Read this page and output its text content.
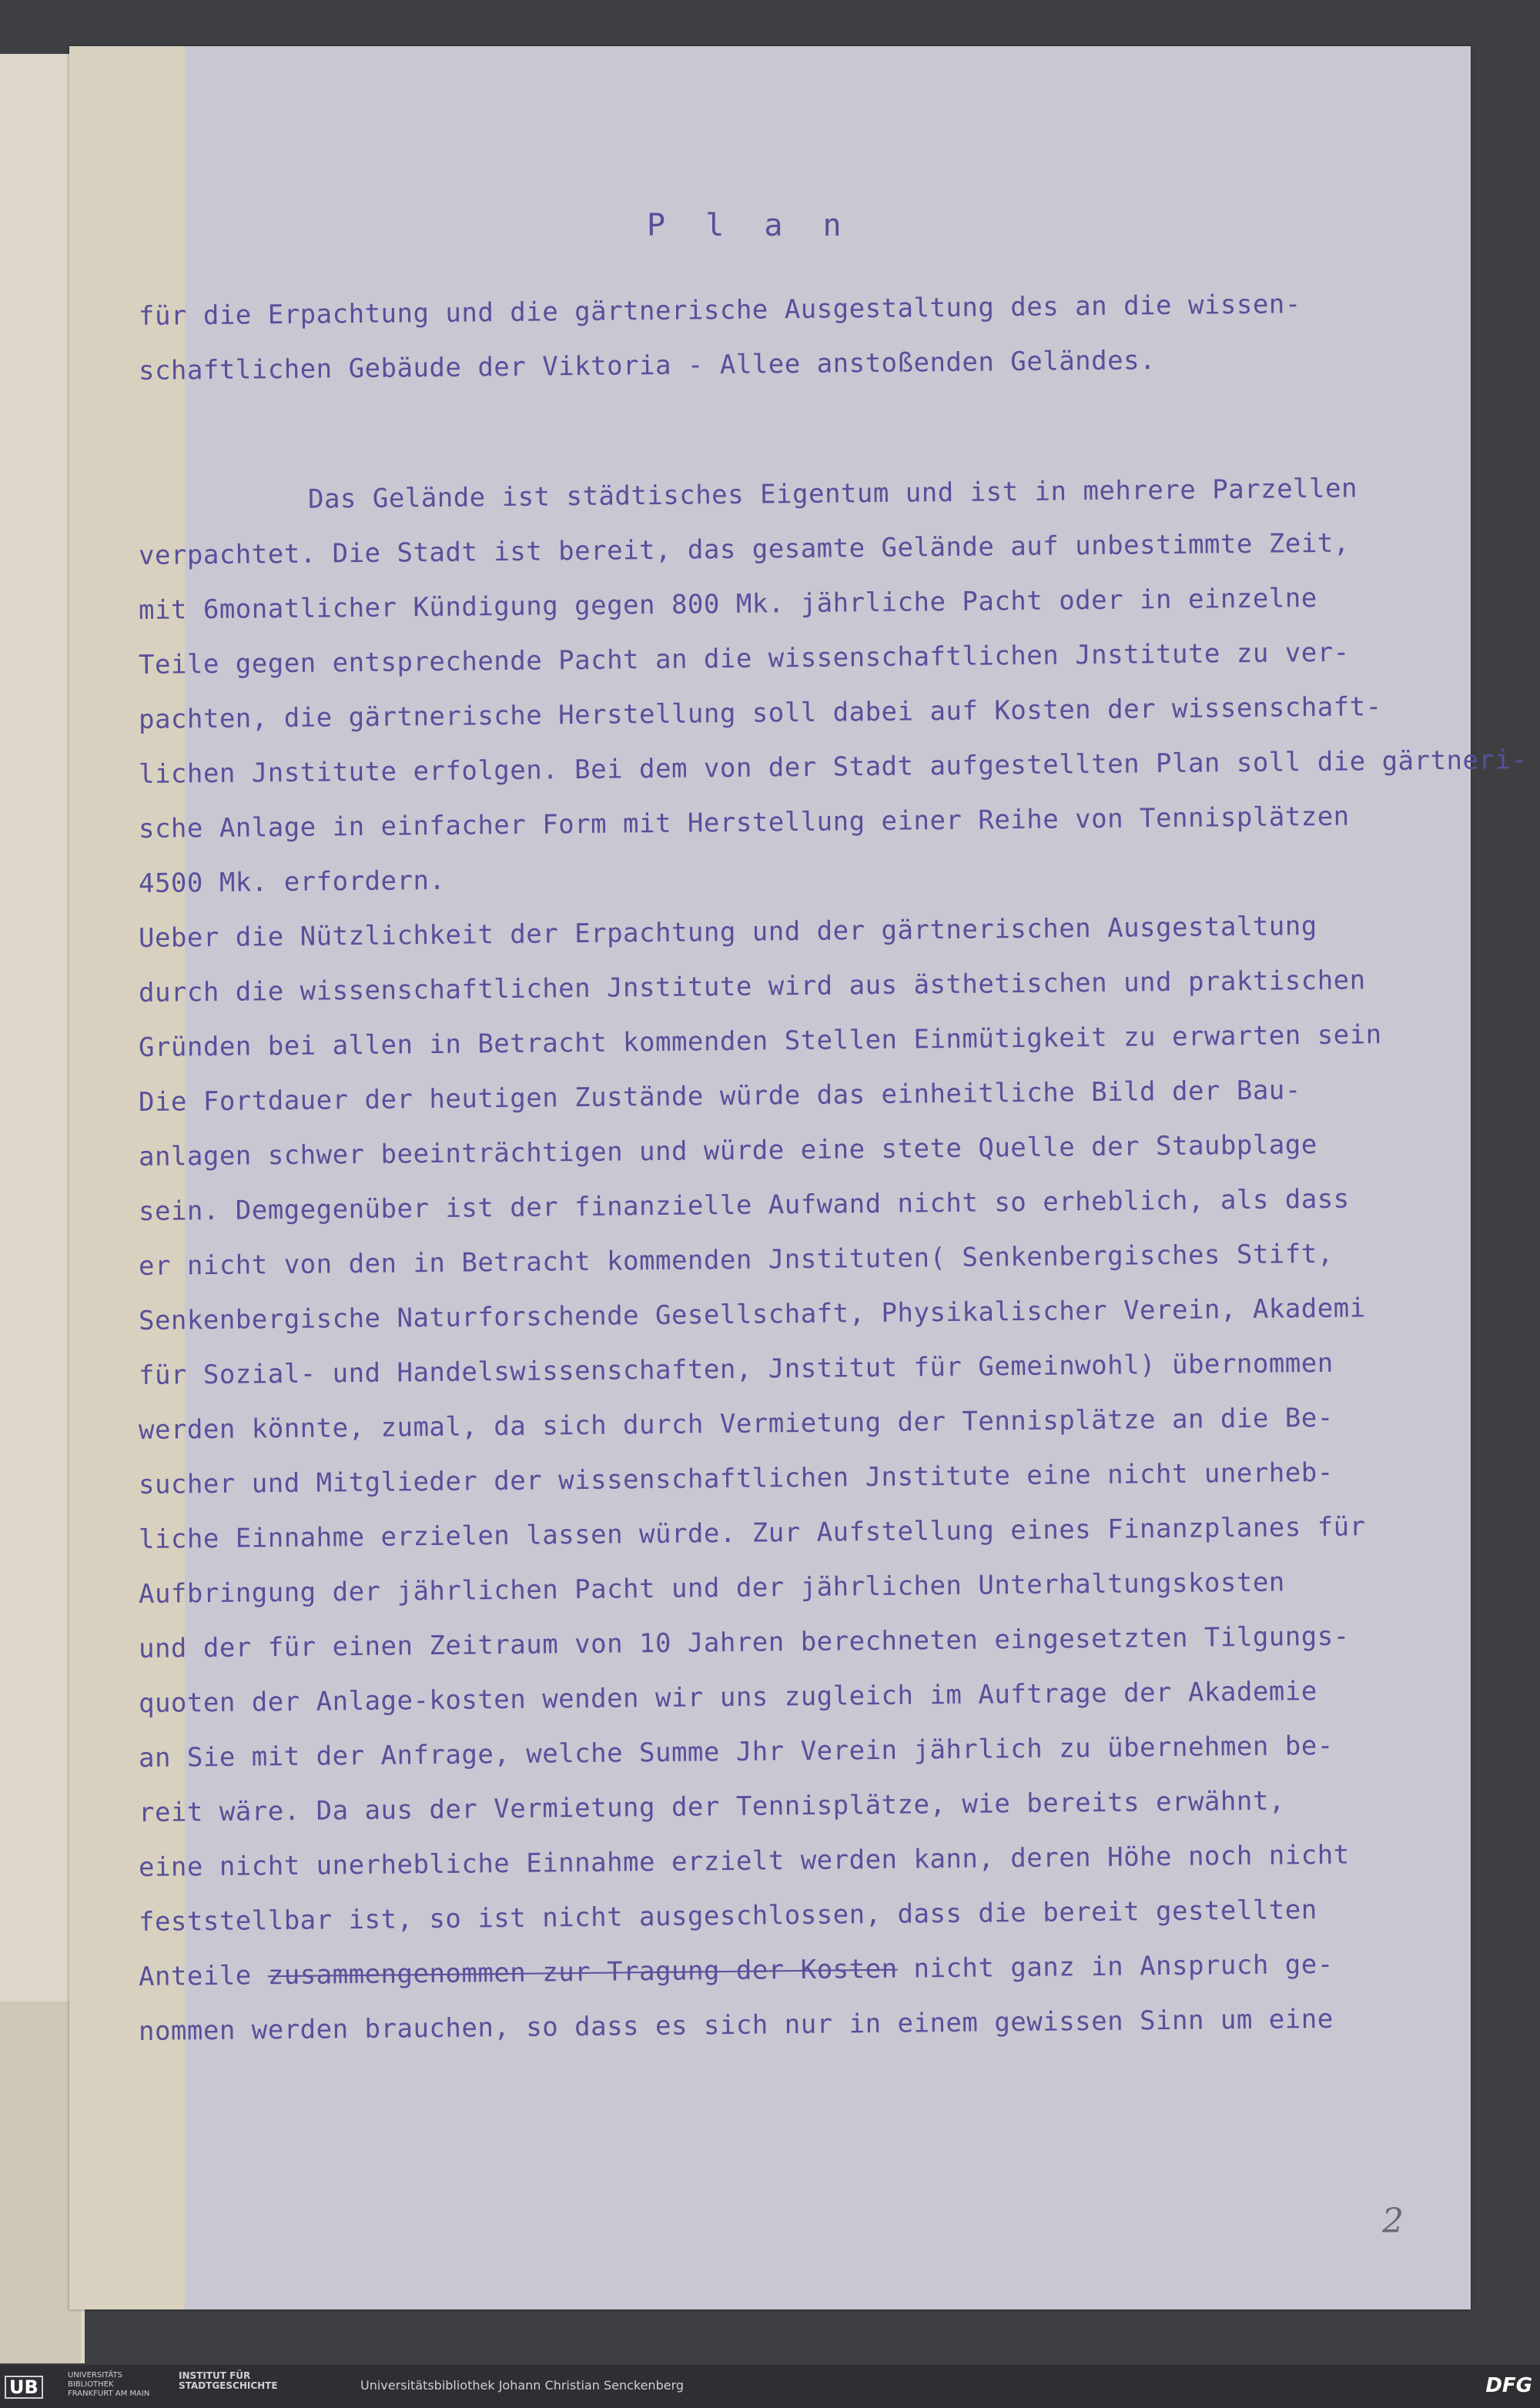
P l a n
für die Erpachtung und die gärtnerische Ausgestaltung des an die wissen-
schaftlichen Gebäude der Viktoria - Allee anstoßenden Geländes.
Das Gelände ist städtisches Eigentum und ist in mehrere Parzellen
verpachtet. Die Stadt ist bereit, das gesamte Gelände auf unbestimmte Zeit,
mit 6monatlicher Kündigung gegen 800 Mk. jährliche Pacht oder in einzelne
Teile gegen entsprechende Pacht an die wissenschaftlichen Jnstitute zu ver-
pachten, die gärtnerische Herstellung soll dabei auf Kosten der wissenschaft-
lichen Jnstitute erfolgen. Bei dem von der Stadt aufgestellten Plan soll die gärtneri-
sche Anlage in einfacher Form mit Herstellung einer Reihe von Tennisplätzen
4500 Mk. erfordern.
Ueber die Nützlichkeit der Erpachtung und der gärtnerischen Ausgestaltung
durch die wissenschaftlichen Jnstitute wird aus ästhetischen und praktischen
Gründen bei allen in Betracht kommenden Stellen Einmütigkeit zu erwarten sein
Die Fortdauer der heutigen Zustände würde das einheitliche Bild der Bau-
anlagen schwer beeinträchtigen und würde eine stete Quelle der Staubplage
sein. Demgegenüber ist der finanzielle Aufwand nicht so erheblich, als dass
er nicht von den in Betracht kommenden Jnstituten( Senkenbergisches Stift,
Senkenbergische Naturforschende Gesellschaft, Physikalischer Verein, Akademi
für Sozial- und Handelswissenschaften, Jnstitut für Gemeinwohl) übernommen
werden könnte, zumal, da sich durch Vermietung der Tennisplätze an die Be-
sucher und Mitglieder der wissenschaftlichen Jnstitute eine nicht unerheb-
liche Einnahme erzielen lassen würde. Zur Aufstellung eines Finanzplanes für
Aufbringung der jährlichen Pacht und der jährlichen Unterhaltungskosten
und der für einen Zeitraum von 10 Jahren berechneten eingesetzten Tilgungs-
quoten der Anlage-kosten wenden wir uns zugleich im Auftrage der Akademie
an Sie mit der Anfrage, welche Summe Jhr Verein jährlich zu übernehmen be-
reit wäre. Da aus der Vermietung der Tennisplätze, wie bereits erwähnt,
eine nicht unerhebliche Einnahme erzielt werden kann, deren Höhe noch nicht
feststellbar ist, so ist nicht ausgeschlossen, dass die bereit gestellten
Anteile zusammengenommen zur Tragung der Kosten nicht ganz in Anspruch ge-
nommen werden brauchen, so dass es sich nur in einem gewissen Sinn um eine
2
UB
UNIVERSITÄTS
BIBLIOTHEK
FRANKFURT AM MAIN
INSTITUT FÜR
STADTGESCHICHTE	Universitätsbibliothek Johann Christian Senckenberg	DFG
